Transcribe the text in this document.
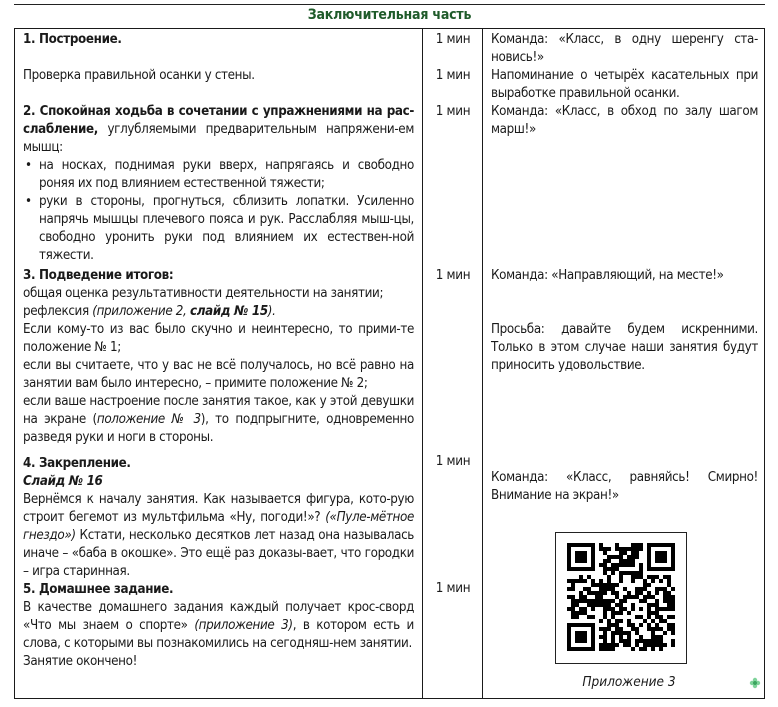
Заключительная часть
1. Построение.
Проверка правильной осанки у стены.
2. Спокойная ходьба в сочетании с упражнениями на рас-слабление, углубляемыми предварительным напряжени-ем мышц:
• на носках, поднимая руки вверх, напрягаясь и свободно роняя их под влиянием естественной тяжести;
• руки в стороны, прогнуться, сблизить лопатки. Усиленно напрячь мышцы плечевого пояса и рук. Расслабляя мыш-цы, свободно уронить руки под влиянием их естествен-ной тяжести.
3. Подведение итогов:
общая оценка результативности деятельности на занятии;
рефлексия (приложение 2, слайд № 15).
Если кому-то из вас было скучно и неинтересно, то прими-те положение № 1;
если вы считаете, что у вас не всё получалось, но всё равно на занятии вам было интересно, – примите положение № 2;
если ваше настроение после занятия такое, как у этой девушки на экране (положение № 3), то подпрыгните, одновременно разведя руки и ноги в стороны.
4. Закрепление.
Слайд № 16
Вернёмся к началу занятия. Как называется фигура, кото-рую строит бегемот из мультфильма «Ну, погоди!»? («Пуле-мётное гнездо») Кстати, несколько десятков лет назад она называлась иначе – «баба в окошке». Это ещё раз доказы-вает, что городки – игра старинная.
5. Домашнее задание.
В качестве домашнего задания каждый получает крос-сворд «Что мы знаем о спорте» (приложение 3), в котором есть и слова, с которыми вы познакомились на сегодняш-нем занятии.
Занятие окончено!
1 мин
1 мин
1 мин
1 мин
1 мин
1 мин
Команда: «Класс, в одну шеренгу ста-новись!»
Напоминание о четырёх касательных при выработке правильной осанки.
Команда: «Класс, в обход по залу шагом марш!»
Команда: «Направляющий, на месте!»
Просьба: давайте будем искренними. Только в этом случае наши занятия будут приносить удовольствие.
Команда: «Класс, равняйсь! Смирно! Внимание на экран!»
Приложение 3
